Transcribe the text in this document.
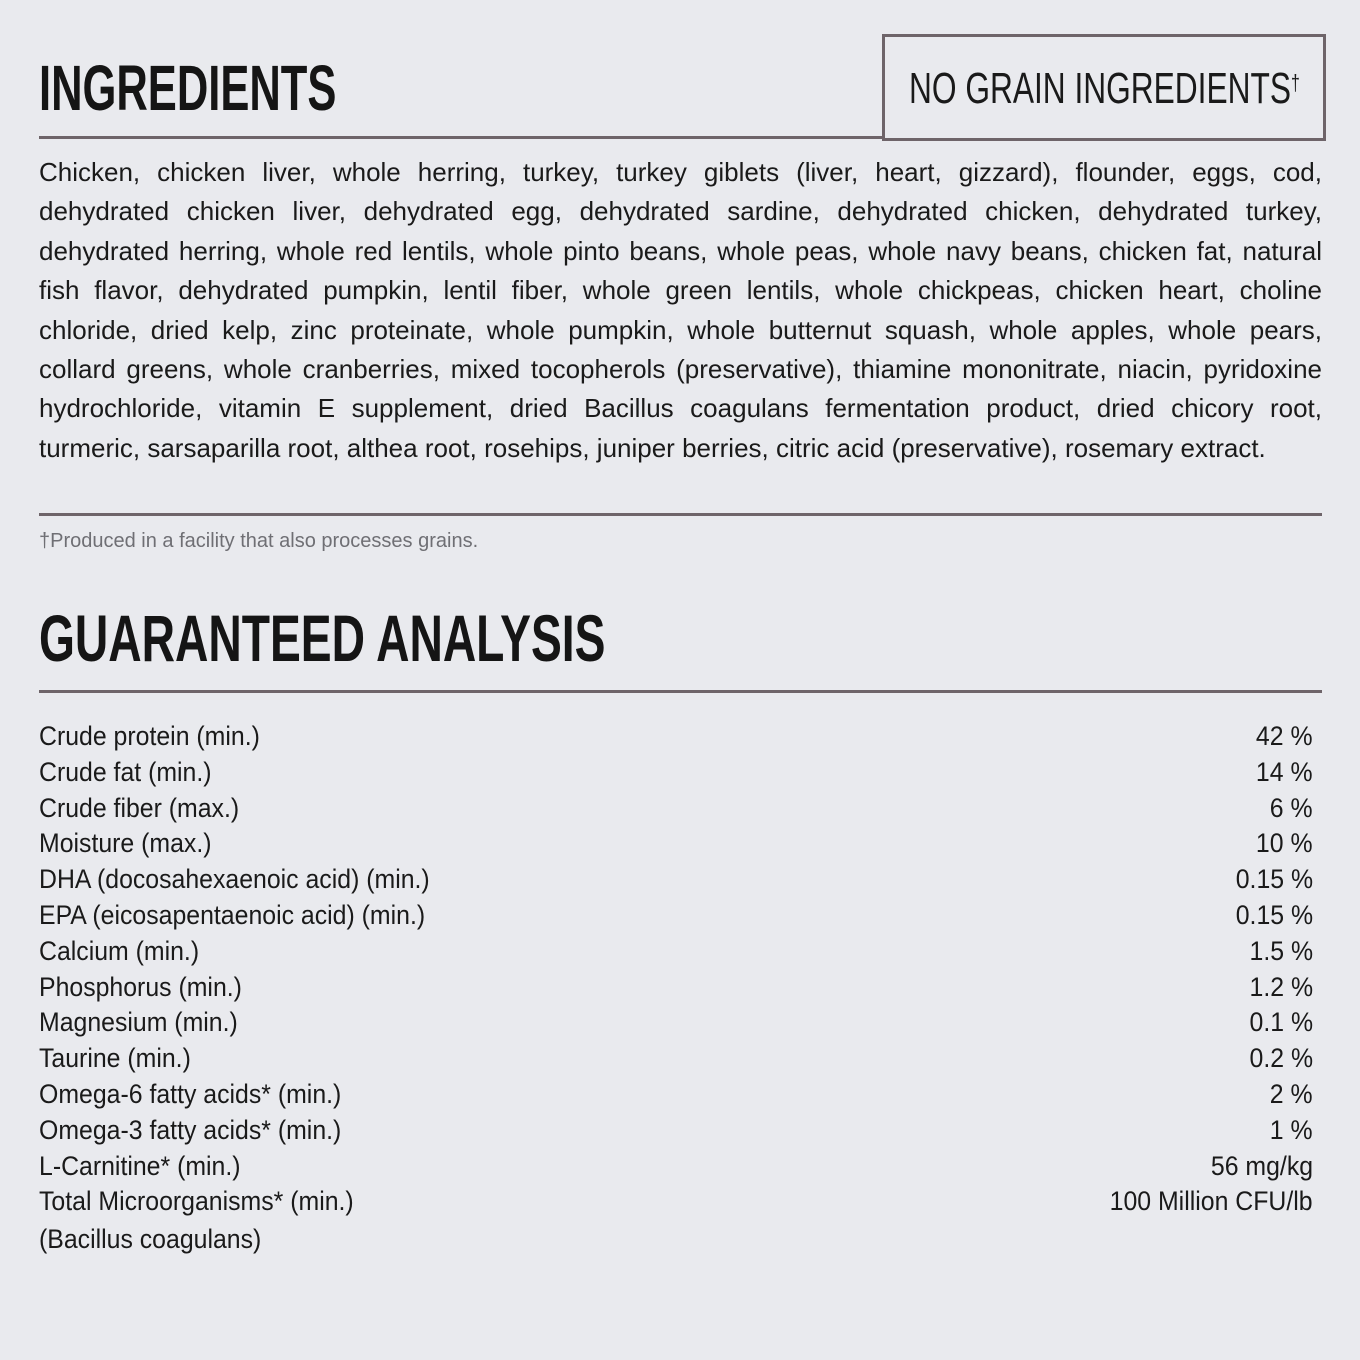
INGREDIENTS	NO GRAIN INGREDIENTS†

Chicken, chicken liver, whole herring, turkey, turkey giblets (liver, heart, gizzard), flounder, eggs, cod, dehydrated chicken liver, dehydrated egg, dehydrated sardine, dehydrated chicken, dehydrated turkey, dehydrated herring, whole red lentils, whole pinto beans, whole peas, whole navy beans, chicken fat, natural fish flavor, dehydrated pumpkin, lentil fiber, whole green lentils, whole chickpeas, chicken heart, choline chloride, dried kelp, zinc proteinate, whole pumpkin, whole butternut squash, whole apples, whole pears, collard greens, whole cranberries, mixed tocopherols (preservative), thiamine mononitrate, niacin, pyridoxine hydrochloride, vitamin E supplement, dried Bacillus coagulans fermentation product, dried chicory root, turmeric, sarsaparilla root, althea root, rosehips, juniper berries, citric acid (preservative), rosemary extract.

†Produced in a facility that also processes grains.

GUARANTEED ANALYSIS
Crude protein (min.)	42 %
Crude fat (min.)	14 %
Crude fiber (max.)	6 %
Moisture (max.)	10 %
DHA (docosahexaenoic acid) (min.)	0.15 %
EPA (eicosapentaenoic acid) (min.)	0.15 %
Calcium (min.)	1.5 %
Phosphorus (min.)	1.2 %
Magnesium (min.)	0.1 %
Taurine (min.)	0.2 %
Omega-6 fatty acids* (min.)	2 %
Omega-3 fatty acids* (min.)	1 %
L-Carnitine* (min.)	56 mg/kg
Total Microorganisms* (min.)	100 Million CFU/lb
(Bacillus coagulans)
